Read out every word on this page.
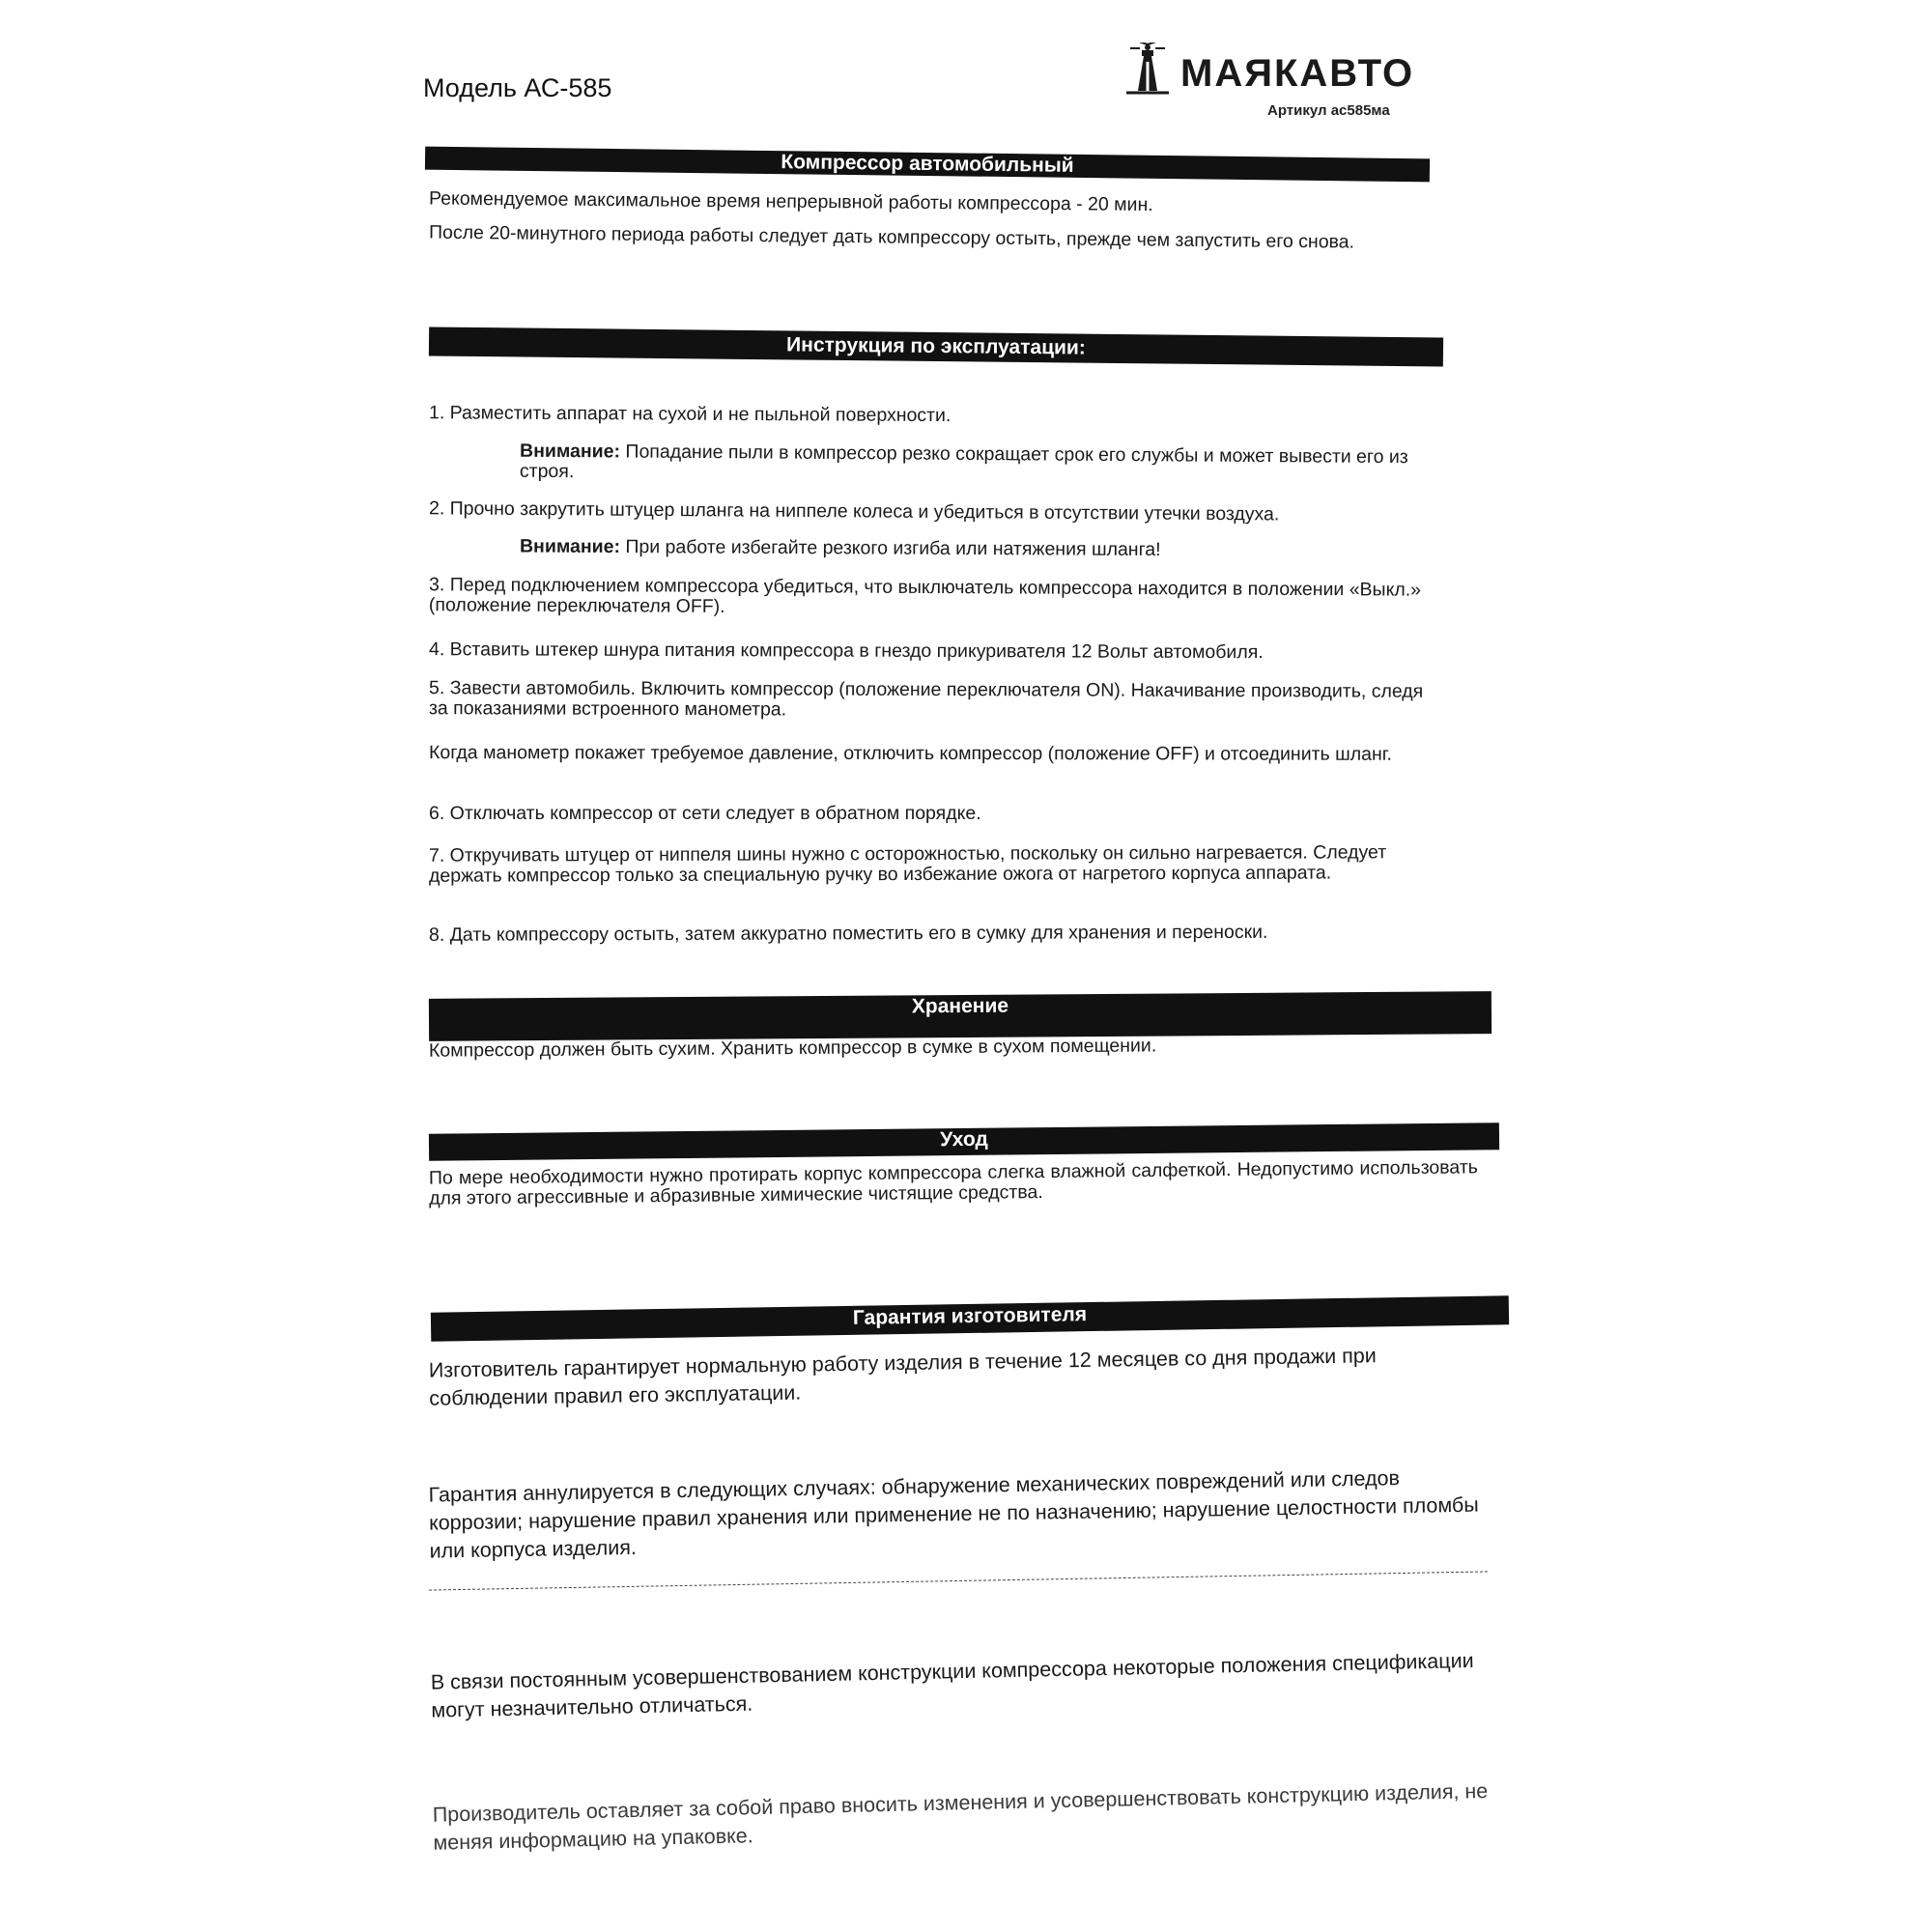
Модель АС-585	МАЯКАВТО
Артикул ас585ма
Компрессор автомобильный
Рекомендуемое максимальное время непрерывной работы компрессора - 20 мин.
После 20-минутного периода работы следует дать компрессору остыть, прежде чем запустить его снова.
Инструкция по эксплуатации:
1. Разместить аппарат на сухой и не пыльной поверхности.
Внимание: Попадание пыли в компрессор резко сокращает срок его службы и может вывести его из строя.
2. Прочно закрутить штуцер шланга на ниппеле колеса и убедиться в отсутствии утечки воздуха.
Внимание: При работе избегайте резкого изгиба или натяжения шланга!
3. Перед подключением компрессора убедиться, что выключатель компрессора находится в положении «Выкл.» (положение переключателя OFF).
4. Вставить штекер шнура питания компрессора в гнездо прикуривателя 12 Вольт автомобиля.
5. Завести автомобиль. Включить компрессор (положение переключателя ON). Накачивание производить, следя за показаниями встроенного манометра.
Когда манометр покажет требуемое давление, отключить компрессор (положение OFF) и отсоединить шланг.
6. Отключать компрессор от сети следует в обратном порядке.
7. Откручивать штуцер от ниппеля шины нужно с осторожностью, поскольку он сильно нагревается. Следует держать компрессор только за специальную ручку во избежание ожога от нагретого корпуса аппарата.
8. Дать компрессору остыть, затем аккуратно поместить его в сумку для хранения и переноски.
Хранение
Компрессор должен быть сухим. Хранить компрессор в сумке в сухом помещении.
Уход
По мере необходимости нужно протирать корпус компрессора слегка влажной салфеткой. Недопустимо использовать для этого агрессивные и абразивные химические чистящие средства.
Гарантия изготовителя
Изготовитель гарантирует нормальную работу изделия в течение 12 месяцев со дня продажи при соблюдении правил его эксплуатации.
Гарантия аннулируется в следующих случаях: обнаружение механических повреждений или следов коррозии; нарушение правил хранения или применение не по назначению; нарушение целостности пломбы или корпуса изделия.
В связи постоянным усовершенствованием конструкции компрессора некоторые положения спецификации могут незначительно отличаться.
Производитель оставляет за собой право вносить изменения и усовершенствовать конструкцию изделия, не меняя информацию на упаковке.
